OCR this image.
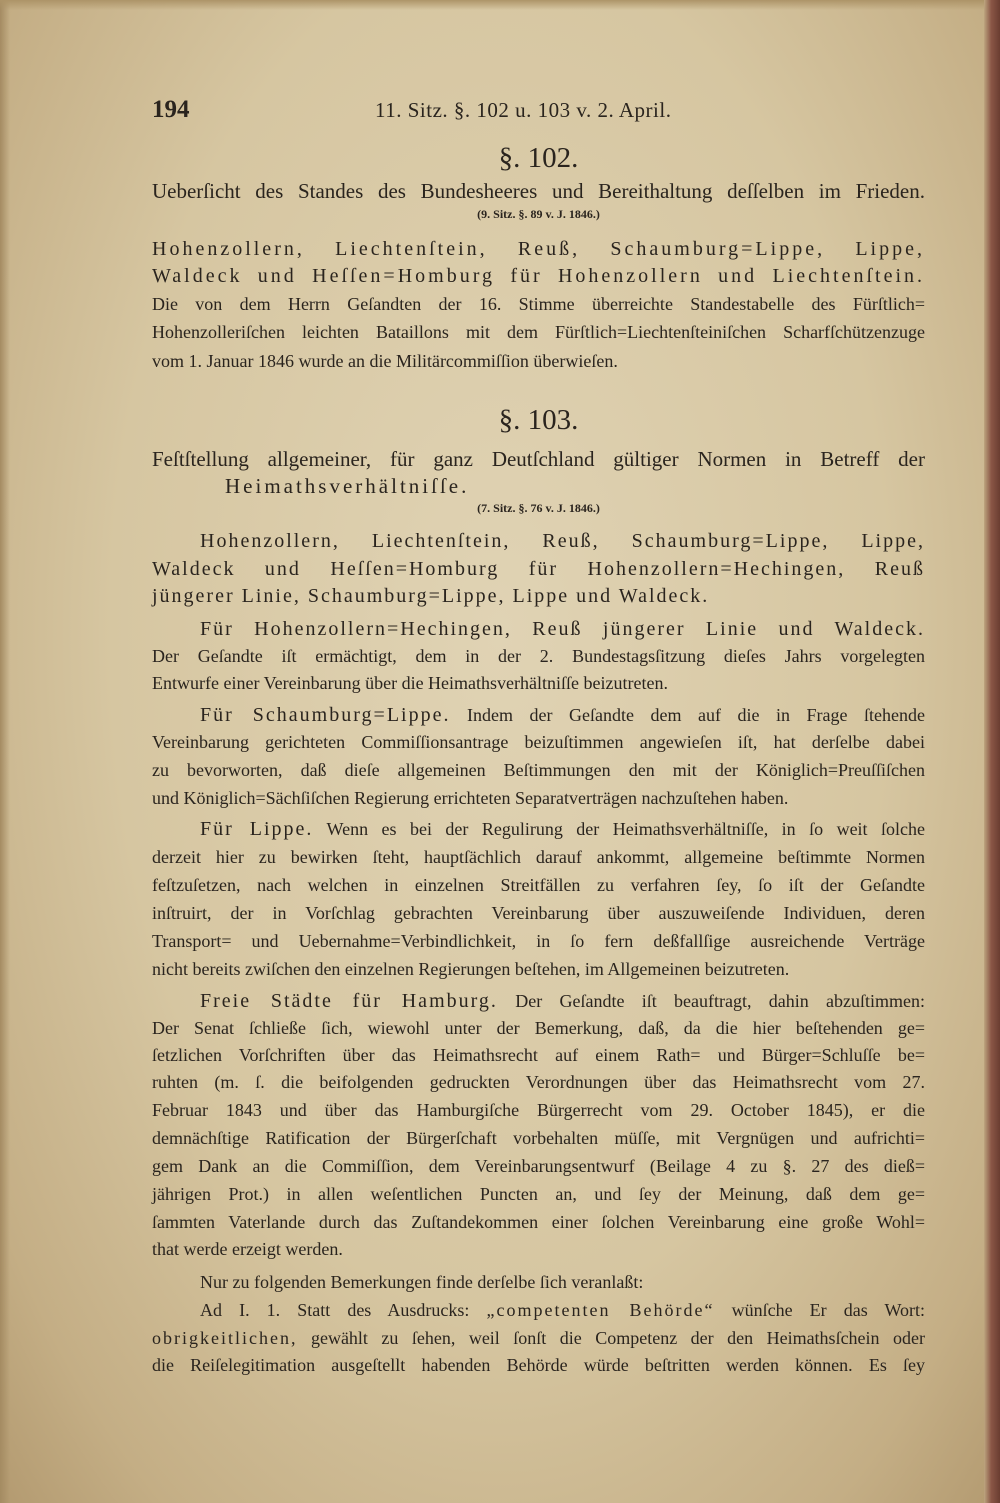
194	11. Sitz. §. 102 u. 103 v. 2. April.
§. 102.
Ueberſicht des Standes des Bundesheeres und Bereithaltung deſſelben im Frieden.
(9. Sitz. §. 89 v. J. 1846.)
Hohenzollern, Liechtenſtein, Reuß, Schaumburg=Lippe, Lippe,
Waldeck und Heſſen=Homburg für Hohenzollern und Liechtenſtein.
Die von dem Herrn Geſandten der 16. Stimme überreichte Standestabelle des Fürſtlich=
Hohenzolleriſchen leichten Bataillons mit dem Fürſtlich=Liechtenſteiniſchen Scharfſchützenzuge
vom 1. Januar 1846 wurde an die Militärcommiſſion überwieſen.
§. 103.
Feſtſtellung allgemeiner, für ganz Deutſchland gültiger Normen in Betreff der
Heimathsverhältniſſe.
(7. Sitz. §. 76 v. J. 1846.)
Hohenzollern, Liechtenſtein, Reuß, Schaumburg=Lippe, Lippe,
Waldeck und Heſſen=Homburg für Hohenzollern=Hechingen, Reuß
jüngerer Linie, Schaumburg=Lippe, Lippe und Waldeck.
Für Hohenzollern=Hechingen, Reuß jüngerer Linie und Waldeck.
Der Geſandte iſt ermächtigt, dem in der 2. Bundestagsſitzung dieſes Jahrs vorgelegten
Entwurfe einer Vereinbarung über die Heimathsverhältniſſe beizutreten.
Für Schaumburg=Lippe. Indem der Geſandte dem auf die in Frage ſtehende
Vereinbarung gerichteten Commiſſionsantrage beizuſtimmen angewieſen iſt, hat derſelbe dabei
zu bevorworten, daß dieſe allgemeinen Beſtimmungen den mit der Königlich=Preuſſiſchen
und Königlich=Sächſiſchen Regierung errichteten Separatverträgen nachzuſtehen haben.
Für Lippe. Wenn es bei der Regulirung der Heimathsverhältniſſe, in ſo weit ſolche
derzeit hier zu bewirken ſteht, hauptſächlich darauf ankommt, allgemeine beſtimmte Normen
feſtzuſetzen, nach welchen in einzelnen Streitfällen zu verfahren ſey, ſo iſt der Geſandte
inſtruirt, der in Vorſchlag gebrachten Vereinbarung über auszuweiſende Individuen, deren
Transport= und Uebernahme=Verbindlichkeit, in ſo fern deßfallſige ausreichende Verträge
nicht bereits zwiſchen den einzelnen Regierungen beſtehen, im Allgemeinen beizutreten.
Freie Städte für Hamburg. Der Geſandte iſt beauftragt, dahin abzuſtimmen:
Der Senat ſchließe ſich, wiewohl unter der Bemerkung, daß, da die hier beſtehenden ge=
ſetzlichen Vorſchriften über das Heimathsrecht auf einem Rath= und Bürger=Schluſſe be=
ruhten (m. ſ. die beifolgenden gedruckten Verordnungen über das Heimathsrecht vom 27.
Februar 1843 und über das Hamburgiſche Bürgerrecht vom 29. October 1845), er die
demnächſtige Ratification der Bürgerſchaft vorbehalten müſſe, mit Vergnügen und aufrichti=
gem Dank an die Commiſſion, dem Vereinbarungsentwurf (Beilage 4 zu §. 27 des dieß=
jährigen Prot.) in allen weſentlichen Puncten an, und ſey der Meinung, daß dem ge=
ſammten Vaterlande durch das Zuſtandekommen einer ſolchen Vereinbarung eine große Wohl=
that werde erzeigt werden.
Nur zu folgenden Bemerkungen finde derſelbe ſich veranlaßt:
Ad I. 1. Statt des Ausdrucks: „competenten Behörde“ wünſche Er das Wort:
obrigkeitlichen, gewählt zu ſehen, weil ſonſt die Competenz der den Heimathsſchein oder
die Reiſelegitimation ausgeſtellt habenden Behörde würde beſtritten werden können. Es ſey
